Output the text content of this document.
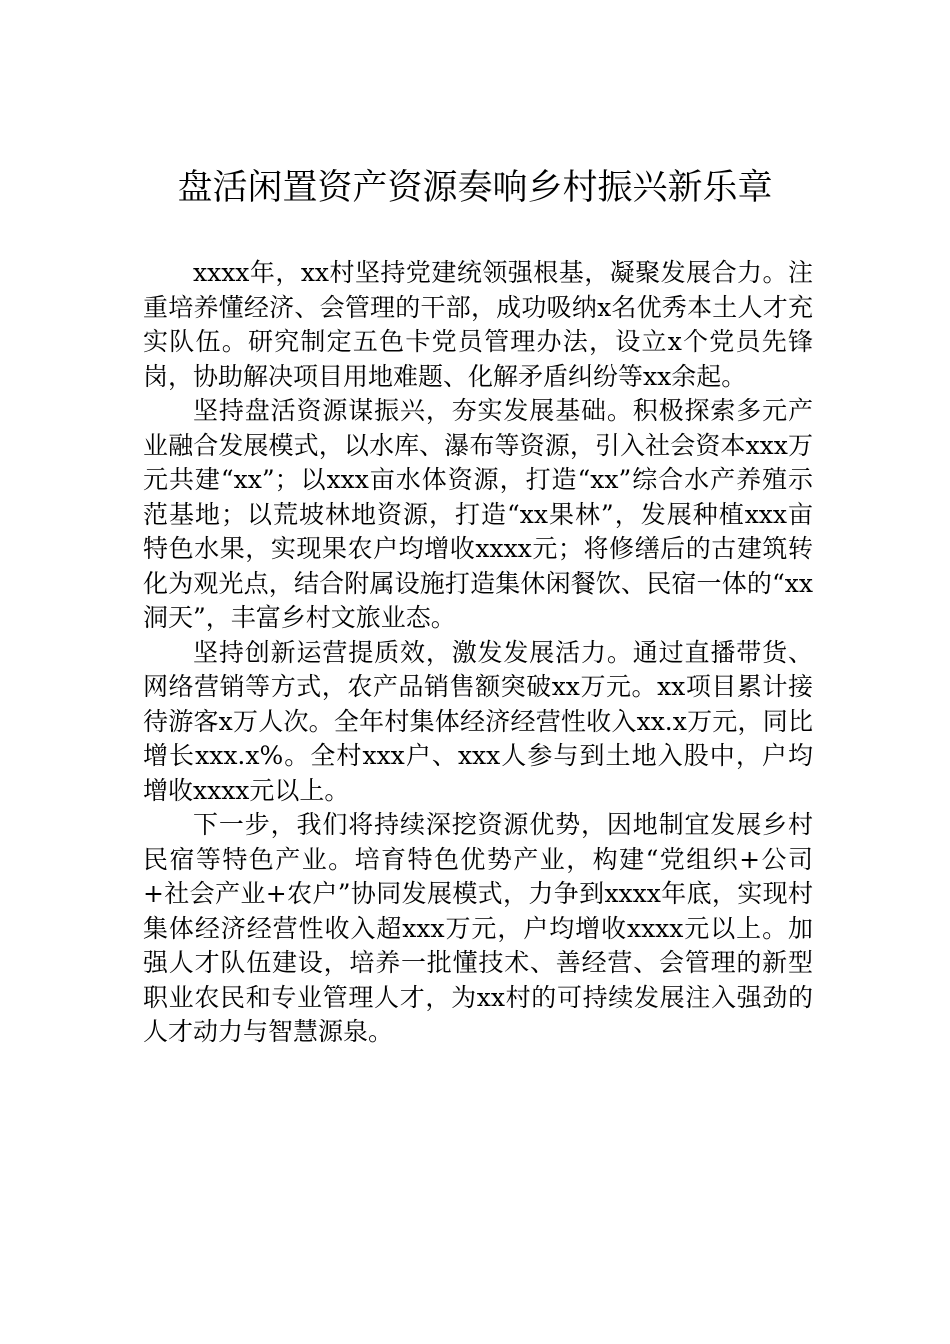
盘活闲置资产资源奏响乡村振兴新乐章

xxxx年，xx村坚持党建统领强根基，凝聚发展合力。注重培养懂经济、会管理的干部，成功吸纳x名优秀本土人才充实队伍。研究制定五色卡党员管理办法，设立x个党员先锋岗，协助解决项目用地难题、化解矛盾纠纷等xx余起。

坚持盘活资源谋振兴，夯实发展基础。积极探索多元产业融合发展模式，以水库、瀑布等资源，引入社会资本xxx万元共建“xx”；以xxx亩水体资源，打造“xx”综合水产养殖示范基地；以荒坡林地资源，打造“xx果林”，发展种植xxx亩特色水果，实现果农户均增收xxxx元；将修缮后的古建筑转化为观光点，结合附属设施打造集休闲餐饮、民宿一体的“xx洞天”，丰富乡村文旅业态。

坚持创新运营提质效，激发发展活力。通过直播带货、网络营销等方式，农产品销售额突破xx万元。xx项目累计接待游客x万人次。全年村集体经济经营性收入xx.x万元，同比增长xxx.x%。全村xxx户、xxx人参与到土地入股中，户均增收xxxx元以上。

下一步，我们将持续深挖资源优势，因地制宜发展乡村民宿等特色产业。培育特色优势产业，构建“党组织+公司+社会产业+农户”协同发展模式，力争到xxxx年底，实现村集体经济经营性收入超xxx万元，户均增收xxxx元以上。加强人才队伍建设，培养一批懂技术、善经营、会管理的新型职业农民和专业管理人才，为xx村的可持续发展注入强劲的人才动力与智慧源泉。
